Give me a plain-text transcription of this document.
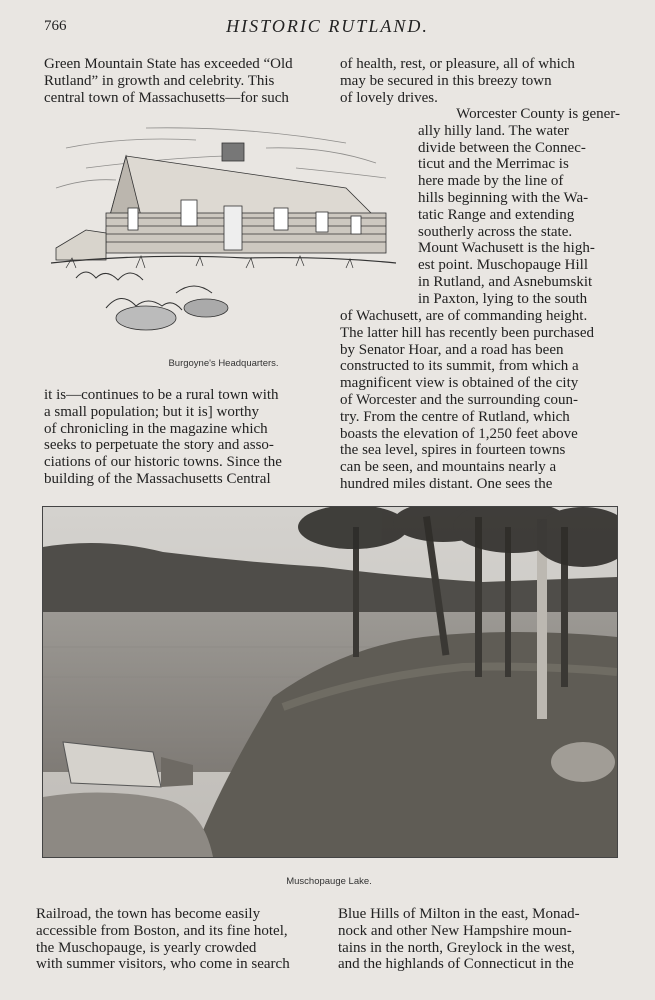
766	HISTORIC RUTLAND.
Green Mountain State has exceeded “Old
Rutland” in growth and celebrity. This
central town of Massachusetts—for such
of health, rest, or pleasure, all of which
may be secured in this breezy town
of lovely drives.
Worcester County is gener-
ally hilly land. The water
divide between the Connec-
ticut and the Merrimac is
here made by the line of
hills beginning with the Wa-
tatic Range and extending
southerly across the state.
Mount Wachusett is the high-
est point. Muschopauge Hill
in Rutland, and Asnebumskit
in Paxton, lying to the south
of Wachusett, are of commanding height.
The latter hill has recently been purchased
by Senator Hoar, and a road has been
constructed to its summit, from which a
magnificent view is obtained of the city
of Worcester and the surrounding coun-
try. From the centre of Rutland, which
boasts the elevation of 1,250 feet above
the sea level, spires in fourteen towns
can be seen, and mountains nearly a
hundred miles distant. One sees the
Burgoyne's Headquarters.
it is—continues to be a rural town with
a small population; but it is] worthy
of chronicling in the magazine which
seeks to perpetuate the story and asso-
ciations of our historic towns. Since the
building of the Massachusetts Central
Muschopauge Lake.
Railroad, the town has become easily
accessible from Boston, and its fine hotel,
the Muschopauge, is yearly crowded
with summer visitors, who come in search
Blue Hills of Milton in the east, Monad-
nock and other New Hampshire moun-
tains in the north, Greylock in the west,
and the highlands of Connecticut in the
